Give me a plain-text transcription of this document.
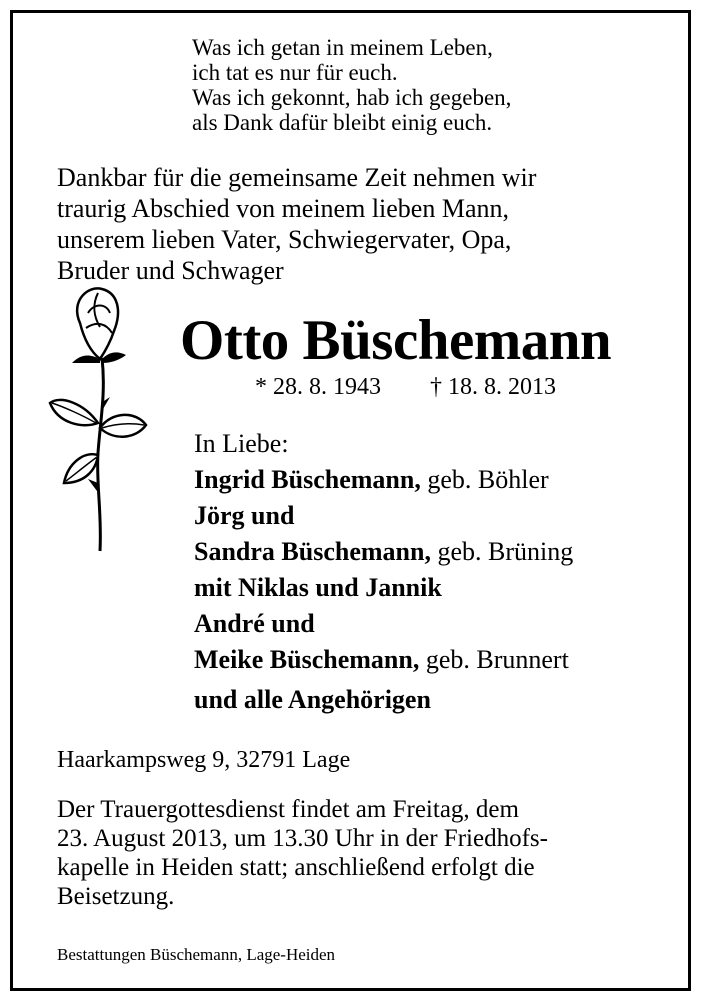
Was ich getan in meinem Leben,
ich tat es nur für euch.
Was ich gekonnt, hab ich gegeben,
als Dank dafür bleibt einig euch.
Dankbar für die gemeinsame Zeit nehmen wir
traurig Abschied von meinem lieben Mann,
unserem lieben Vater, Schwiegervater, Opa,
Bruder und Schwager
Otto Büschemann
* 28. 8. 1943 † 18. 8. 2013
In Liebe:
Ingrid Büschemann, geb. Böhler
Jörg und
Sandra Büschemann, geb. Brüning
mit Niklas und Jannik
André und
Meike Büschemann, geb. Brunnert
und alle Angehörigen
Haarkampsweg 9, 32791 Lage
Der Trauergottesdienst findet am Freitag, dem
23. August 2013, um 13.30 Uhr in der Friedhofs-
kapelle in Heiden statt; anschließend erfolgt die
Beisetzung.
Bestattungen Büschemann, Lage-Heiden
